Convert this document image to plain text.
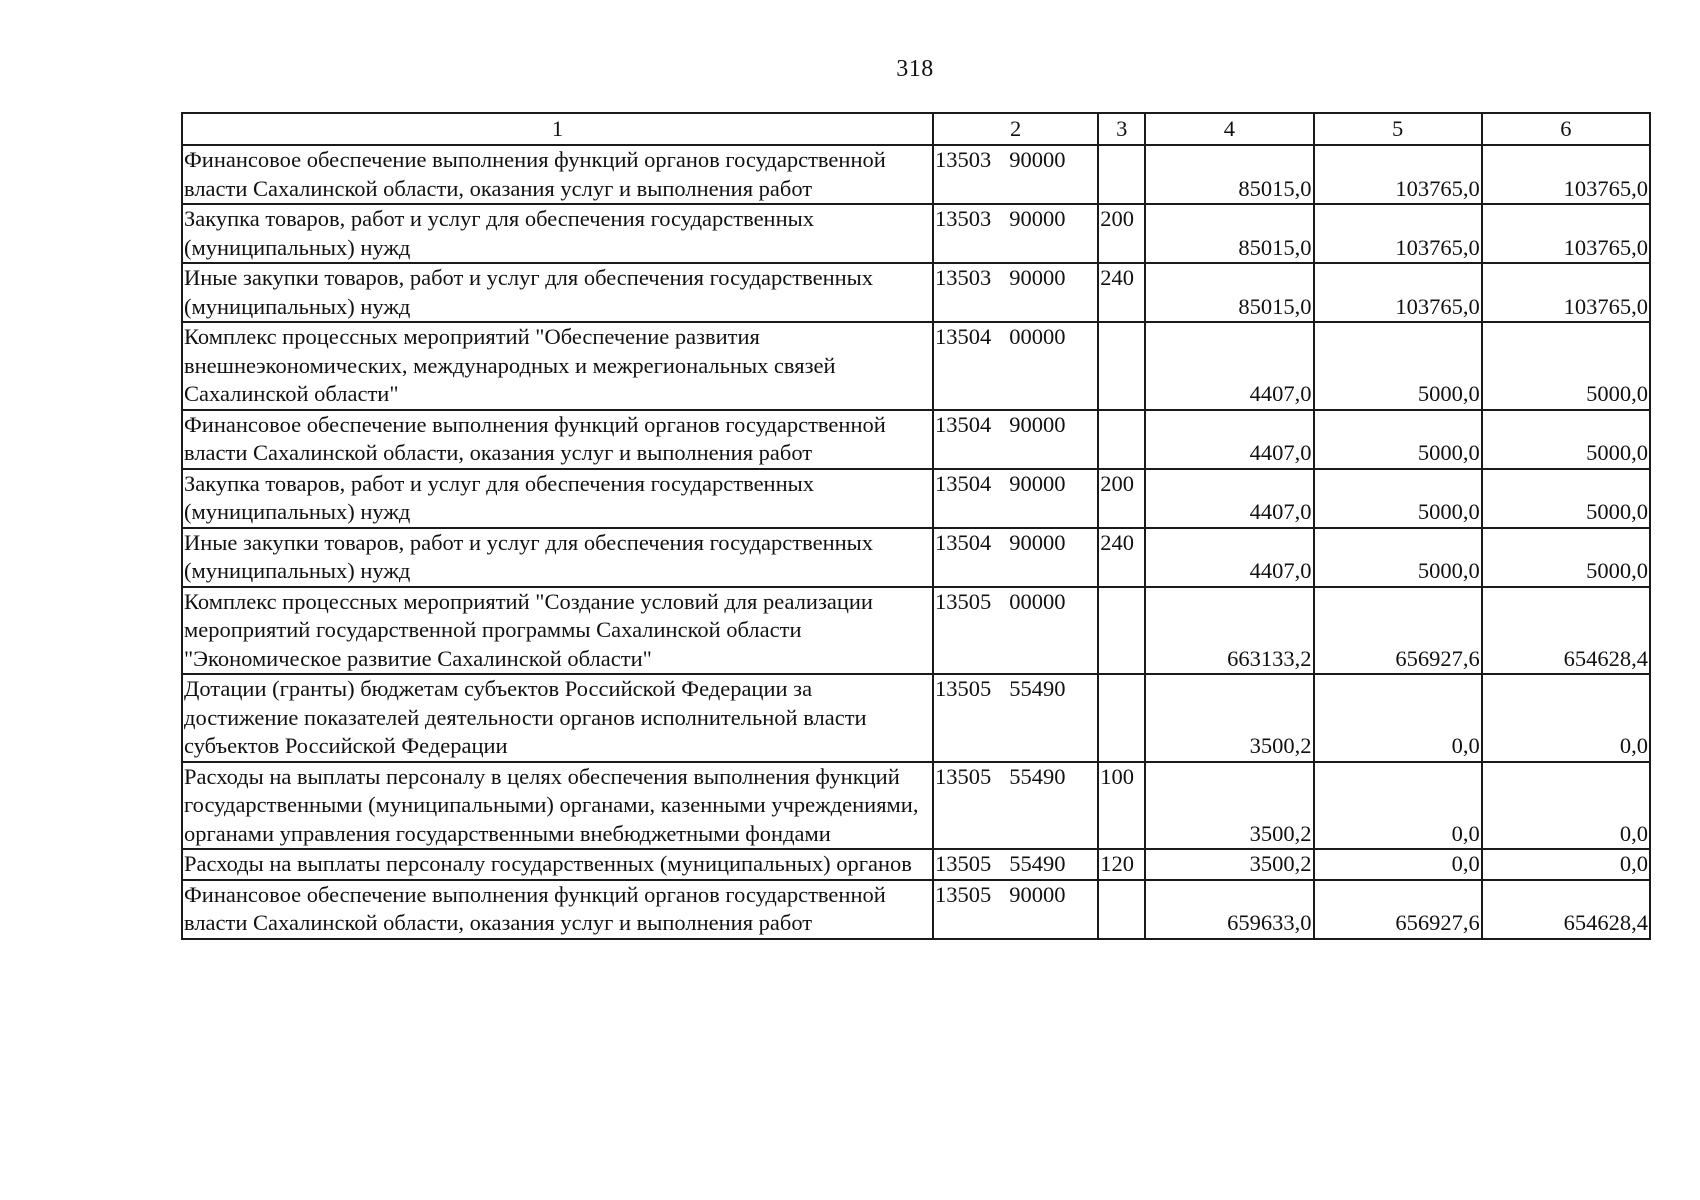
318
1	2	3	4	5	6
Финансовое обеспечение выполнения функций органов государственной власти Сахалинской области, оказания услуг и выполнения работ	13503 90000		85015,0	103765,0	103765,0
Закупка товаров, работ и услуг для обеспечения государственных (муниципальных) нужд	13503 90000	200	85015,0	103765,0	103765,0
Иные закупки товаров, работ и услуг для обеспечения государственных (муниципальных) нужд	13503 90000	240	85015,0	103765,0	103765,0
Комплекс процессных мероприятий "Обеспечение развития внешнеэкономических, международных и межрегиональных связей Сахалинской области"	13504 00000		4407,0	5000,0	5000,0
Финансовое обеспечение выполнения функций органов государственной власти Сахалинской области, оказания услуг и выполнения работ	13504 90000		4407,0	5000,0	5000,0
Закупка товаров, работ и услуг для обеспечения государственных (муниципальных) нужд	13504 90000	200	4407,0	5000,0	5000,0
Иные закупки товаров, работ и услуг для обеспечения государственных (муниципальных) нужд	13504 90000	240	4407,0	5000,0	5000,0
Комплекс процессных мероприятий "Создание условий для реализации мероприятий государственной программы Сахалинской области "Экономическое развитие Сахалинской области"	13505 00000		663133,2	656927,6	654628,4
Дотации (гранты) бюджетам субъектов Российской Федерации за достижение показателей деятельности органов исполнительной власти субъектов Российской Федерации	13505 55490		3500,2	0,0	0,0
Расходы на выплаты персоналу в целях обеспечения выполнения функций государственными (муниципальными) органами, казенными учреждениями, органами управления государственными внебюджетными фондами	13505 55490	100	3500,2	0,0	0,0
Расходы на выплаты персоналу государственных (муниципальных) органов	13505 55490	120	3500,2	0,0	0,0
Финансовое обеспечение выполнения функций органов государственной власти Сахалинской области, оказания услуг и выполнения работ	13505 90000		659633,0	656927,6	654628,4
